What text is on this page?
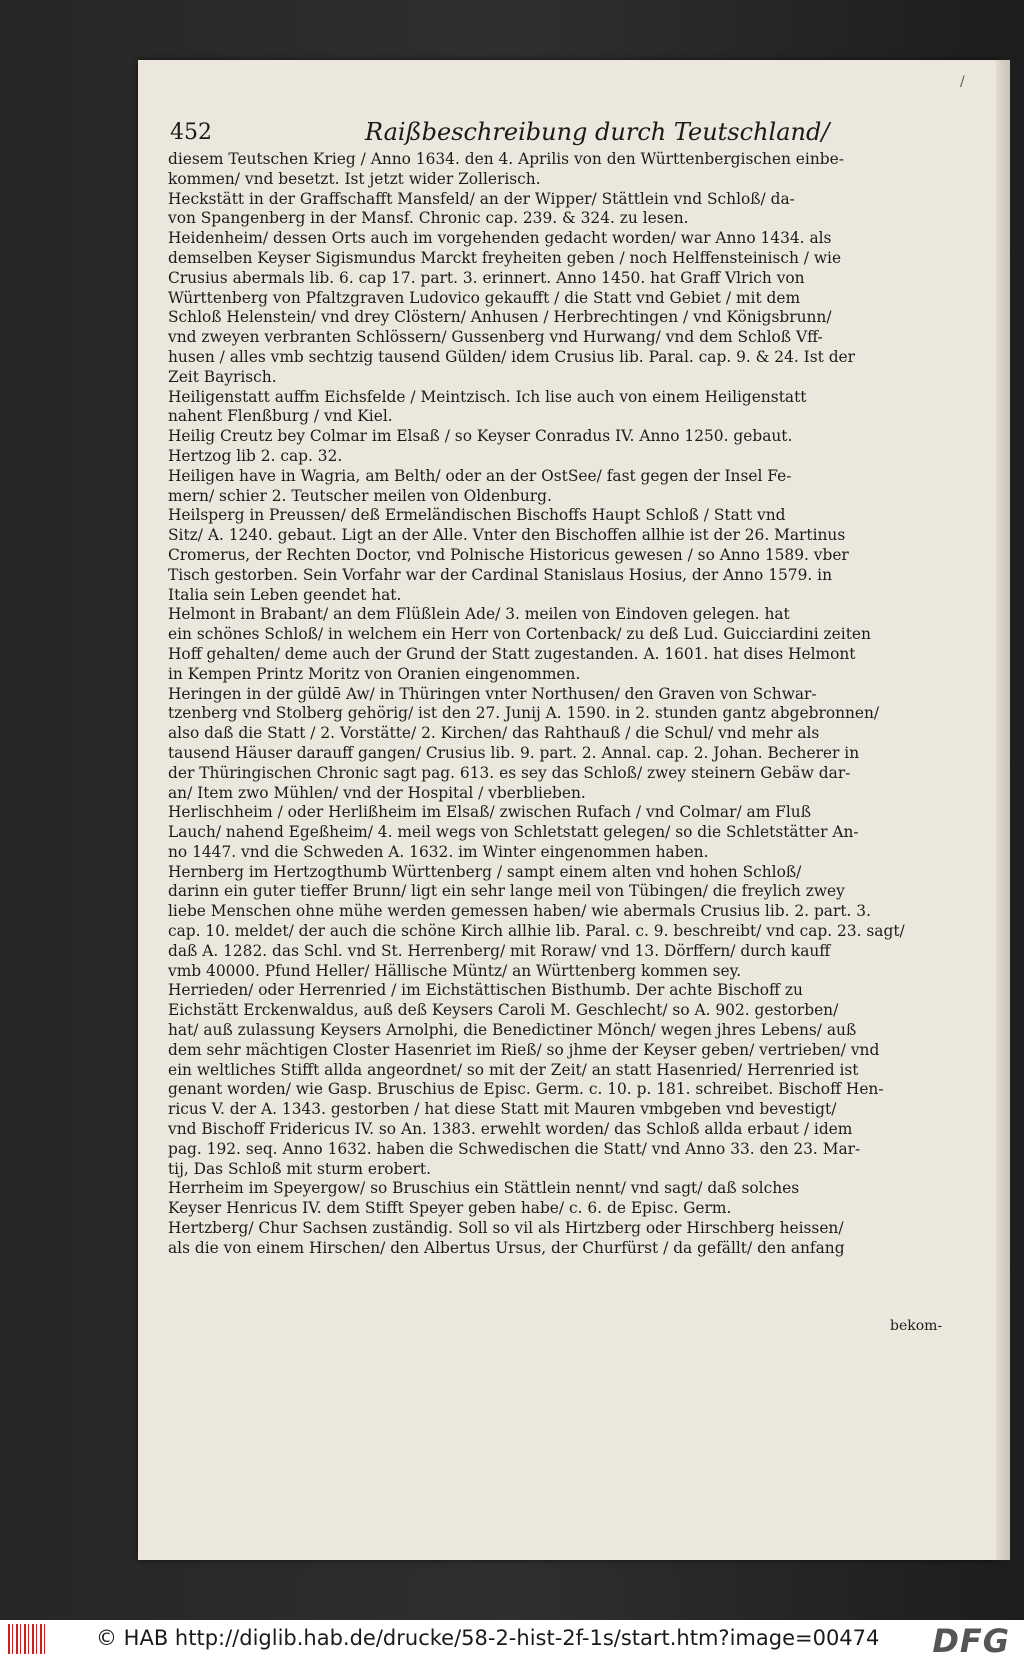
/
452	Raißbeschreibung durch Teutschland/
diesem Teutschen Krieg / Anno 1634. den 4. Aprilis von den Württenbergischen einbe-
kommen/ vnd besetzt. Ist jetzt wider Zollerisch.
Heckstätt in der Graffschafft Mansfeld/ an der Wipper/ Stättlein vnd Schloß/ da-
von Spangenberg in der Mansf. Chronic cap. 239. & 324. zu lesen.
Heidenheim/ dessen Orts auch im vorgehenden gedacht worden/ war Anno 1434. als
demselben Keyser Sigismundus Marckt freyheiten geben / noch Helffensteinisch / wie
Crusius abermals lib. 6. cap 17. part. 3. erinnert. Anno 1450. hat Graff Vlrich von
Württenberg von Pfaltzgraven Ludovico gekaufft / die Statt vnd Gebiet / mit dem
Schloß Helenstein/ vnd drey Clöstern/ Anhusen / Herbrechtingen / vnd Königsbrunn/
vnd zweyen verbranten Schlössern/ Gussenberg vnd Hurwang/ vnd dem Schloß Vff-
husen / alles vmb sechtzig tausend Gülden/ idem Crusius lib. Paral. cap. 9. & 24. Ist der
Zeit Bayrisch.
Heiligenstatt auffm Eichsfelde / Meintzisch. Ich lise auch von einem Heiligenstatt
nahent Flenßburg / vnd Kiel.
Heilig Creutz bey Colmar im Elsaß / so Keyser Conradus IV. Anno 1250. gebaut.
Hertzog lib 2. cap. 32.
Heiligen have in Wagria, am Belth/ oder an der OstSee/ fast gegen der Insel Fe-
mern/ schier 2. Teutscher meilen von Oldenburg.
Heilsperg in Preussen/ deß Ermeländischen Bischoffs Haupt Schloß / Statt vnd
Sitz/ A. 1240. gebaut. Ligt an der Alle. Vnter den Bischoffen allhie ist der 26. Martinus
Cromerus, der Rechten Doctor, vnd Polnische Historicus gewesen / so Anno 1589. vber
Tisch gestorben. Sein Vorfahr war der Cardinal Stanislaus Hosius, der Anno 1579. in
Italia sein Leben geendet hat.
Helmont in Brabant/ an dem Flüßlein Ade/ 3. meilen von Eindoven gelegen. hat
ein schönes Schloß/ in welchem ein Herr von Cortenback/ zu deß Lud. Guicciardini zeiten
Hoff gehalten/ deme auch der Grund der Statt zugestanden. A. 1601. hat dises Helmont
in Kempen Printz Moritz von Oranien eingenommen.
Heringen in der güldē Aw/ in Thüringen vnter Northusen/ den Graven von Schwar-
tzenberg vnd Stolberg gehörig/ ist den 27. Junij A. 1590. in 2. stunden gantz abgebronnen/
also daß die Statt / 2. Vorstätte/ 2. Kirchen/ das Rahthauß / die Schul/ vnd mehr als
tausend Häuser darauff gangen/ Crusius lib. 9. part. 2. Annal. cap. 2. Johan. Becherer in
der Thüringischen Chronic sagt pag. 613. es sey das Schloß/ zwey steinern Gebäw dar-
an/ Item zwo Mühlen/ vnd der Hospital / vberblieben.
Herlischheim / oder Herlißheim im Elsaß/ zwischen Rufach / vnd Colmar/ am Fluß
Lauch/ nahend Egeßheim/ 4. meil wegs von Schletstatt gelegen/ so die Schletstätter An-
no 1447. vnd die Schweden A. 1632. im Winter eingenommen haben.
Hernberg im Hertzogthumb Württenberg / sampt einem alten vnd hohen Schloß/
darinn ein guter tieffer Brunn/ ligt ein sehr lange meil von Tübingen/ die freylich zwey
liebe Menschen ohne mühe werden gemessen haben/ wie abermals Crusius lib. 2. part. 3.
cap. 10. meldet/ der auch die schöne Kirch allhie lib. Paral. c. 9. beschreibt/ vnd cap. 23. sagt/
daß A. 1282. das Schl. vnd St. Herrenberg/ mit Roraw/ vnd 13. Dörffern/ durch kauff
vmb 40000. Pfund Heller/ Hällische Müntz/ an Württenberg kommen sey.
Herrieden/ oder Herrenried / im Eichstättischen Bisthumb. Der achte Bischoff zu
Eichstätt Erckenwaldus, auß deß Keysers Caroli M. Geschlecht/ so A. 902. gestorben/
hat/ auß zulassung Keysers Arnolphi, die Benedictiner Mönch/ wegen jhres Lebens/ auß
dem sehr mächtigen Closter Hasenriet im Rieß/ so jhme der Keyser geben/ vertrieben/ vnd
ein weltliches Stifft allda angeordnet/ so mit der Zeit/ an statt Hasenried/ Herrenried ist
genant worden/ wie Gasp. Bruschius de Episc. Germ. c. 10. p. 181. schreibet. Bischoff Hen-
ricus V. der A. 1343. gestorben / hat diese Statt mit Mauren vmbgeben vnd bevestigt/
vnd Bischoff Fridericus IV. so An. 1383. erwehlt worden/ das Schloß allda erbaut / idem
pag. 192. seq. Anno 1632. haben die Schwedischen die Statt/ vnd Anno 33. den 23. Mar-
tij, Das Schloß mit sturm erobert.
Herrheim im Speyergow/ so Bruschius ein Stättlein nennt/ vnd sagt/ daß solches
Keyser Henricus IV. dem Stifft Speyer geben habe/ c. 6. de Episc. Germ.
Hertzberg/ Chur Sachsen zuständig. Soll so vil als Hirtzberg oder Hirschberg heissen/
als die von einem Hirschen/ den Albertus Ursus, der Churfürst / da gefällt/ den anfang
bekom-
© HAB http://diglib.hab.de/drucke/58-2-hist-2f-1s/start.htm?image=00474 DFG
